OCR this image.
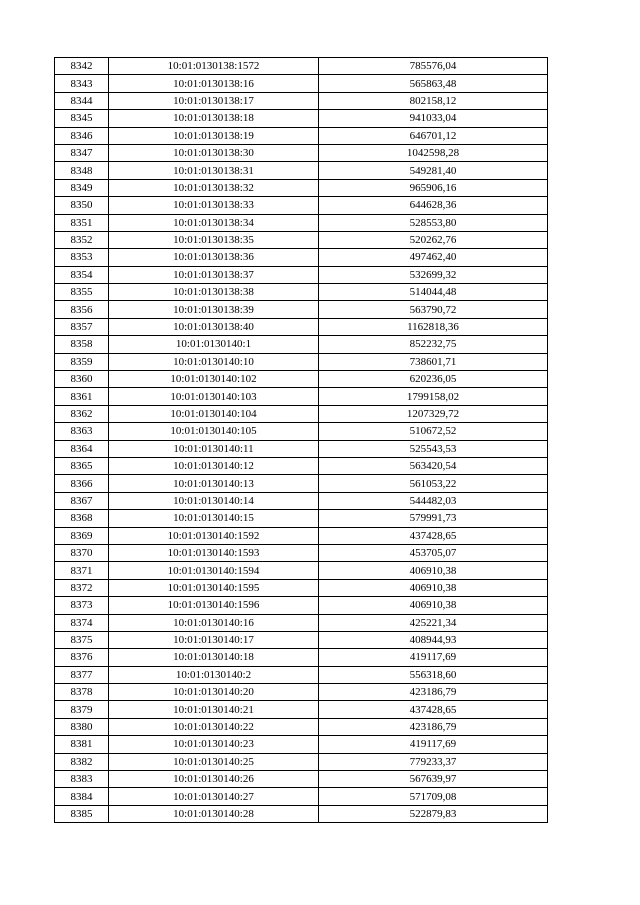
8342	10:01:0130138:1572	785576,04
8343	10:01:0130138:16	565863,48
8344	10:01:0130138:17	802158,12
8345	10:01:0130138:18	941033,04
8346	10:01:0130138:19	646701,12
8347	10:01:0130138:30	1042598,28
8348	10:01:0130138:31	549281,40
8349	10:01:0130138:32	965906,16
8350	10:01:0130138:33	644628,36
8351	10:01:0130138:34	528553,80
8352	10:01:0130138:35	520262,76
8353	10:01:0130138:36	497462,40
8354	10:01:0130138:37	532699,32
8355	10:01:0130138:38	514044,48
8356	10:01:0130138:39	563790,72
8357	10:01:0130138:40	1162818,36
8358	10:01:0130140:1	852232,75
8359	10:01:0130140:10	738601,71
8360	10:01:0130140:102	620236,05
8361	10:01:0130140:103	1799158,02
8362	10:01:0130140:104	1207329,72
8363	10:01:0130140:105	510672,52
8364	10:01:0130140:11	525543,53
8365	10:01:0130140:12	563420,54
8366	10:01:0130140:13	561053,22
8367	10:01:0130140:14	544482,03
8368	10:01:0130140:15	579991,73
8369	10:01:0130140:1592	437428,65
8370	10:01:0130140:1593	453705,07
8371	10:01:0130140:1594	406910,38
8372	10:01:0130140:1595	406910,38
8373	10:01:0130140:1596	406910,38
8374	10:01:0130140:16	425221,34
8375	10:01:0130140:17	408944,93
8376	10:01:0130140:18	419117,69
8377	10:01:0130140:2	556318,60
8378	10:01:0130140:20	423186,79
8379	10:01:0130140:21	437428,65
8380	10:01:0130140:22	423186,79
8381	10:01:0130140:23	419117,69
8382	10:01:0130140:25	779233,37
8383	10:01:0130140:26	567639,97
8384	10:01:0130140:27	571709,08
8385	10:01:0130140:28	522879,83
